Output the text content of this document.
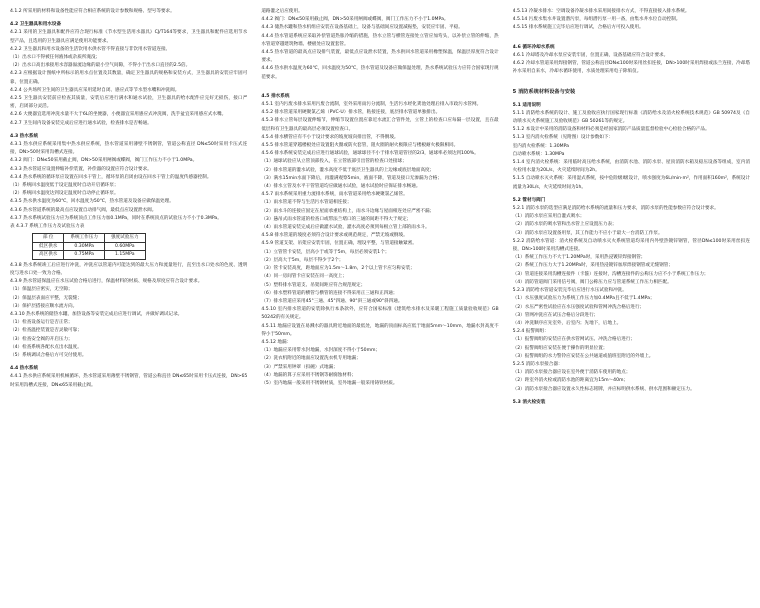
4.1.2 所采用的材料和设备性能应符合相应系统的设计参数和规格、型号等要求。

4.2 卫生器具和用水设备

4.2.1 采用的卫生器具和配件应符合现行标准《节水型生活用水器具》CJ/T164等要求，卫生器具和配件应选用节水型产品，且选用的卫生器具应满足使用功能要求。

4.2.2 卫生器具和用水设备的生活饮用水供水管不得直接与非饮用水管道连接。

（1）出水口不得被任何液体或杂质所淹没；

（2）出水口高出承接用水容器溢流边缘的最小空气间隙，不得小于出水口直径的2.5倍。

4.2.3 应根据设计图纸中所标示的用水点位置及其数量，确定卫生器具的规格和安装方式，卫生器具的安装应牢固可靠，位置正确。

4.2.4 公共场所卫生间的卫生器具应采用延时自闭、感应式等节水型水嘴和冲洗阀。

4.2.5 卫生器具安装前应检查其质量，安装后应进行满水和通水试验，卫生器具的给水配件应完好无损伤，接口严密，启闭部分灵活。

4.2.6 大便器宜选用冲洗水量不大于6L的坐便器，小便器宜采用感应式冲洗阀，洗手盆宜采用感应式水嘴。

4.2.7 卫生间内设备安装完成后应进行通水试验，检查排水是否畅通。

4.3 热水系统

4.3.1 热水供应系统采用集中热水供应系统，热水管道采用薄壁不锈钢管，管道公称直径 DN≤50时采用卡压式连接，DN>50时采用沟槽式连接。

4.3.2 阀门：DN≤50采用截止阀，DN>50采用闸阀或蝶阀，阀门工作压力不小于1.0MPa。

4.3.3 热水管道应设置伸缩补偿装置，补偿器的设置应符合设计要求。

4.3.4 热水系统的循环泵应设置在回水干管上，循环泵的启闭由设在回水干管上的温度传感器控制。

（1）系统回水温度低于设定温度时自动开启循环泵；

（2）系统回水温度达到设定温度时自动停止循环泵。

4.3.5 热水供水温度为60℃，回水温度为50℃，热水管道及设备应做保温处理。

4.3.6 热水管道系统的最高点应设置自动排气阀，最低点应设置泄水阀。

4.3.7 热水系统试验压力应为系统顶点工作压力加0.1MPa，同时在系统顶点的试验压力不小于0.3MPa。

表 4.3.7 系统工作压力及试验压力表

部 位	系统工作压力	强度试验压力
低区供水	0.30MPa	0.60MPa
高区供水	0.75MPa	1.15MPa

4.3.8 热水系统竣工后应进行冲洗，冲洗应以管道内可能达到的最大压力和流量进行，直至出水口处水的色度、透明度与进水口处一致为合格。

4.3.9 热水管道保温应在水压试验合格后进行，保温材料的材质、规格及厚度应符合设计要求。

（1）保温层应密实，无空隙；

（2）保温层表面应平整，无裂缝；

（3）保护层搭接应顺水流方向。

4.3.10 热水系统的储热水罐、加热设备等安装完成后应进行调试，并做好调试记录。

（1）检查设备运行是否正常；

（2）检查温控装置是否灵敏可靠；

（3）检查安全阀的开启压力；

（4）检查系统各配水点出水温度。

（5）系统调试合格后方可交付使用。

4.4 热水系统

4.4.1 热水供应系统采用机械循环，热水管道采用薄壁不锈钢管，管道公称直径 DN≤65时采用卡压式连接，DN>65时采用沟槽式连接，DN≤65采用截止阀。

道路灌之后应使用。

4.4.2 阀门：DN≤50采用截止阀，DN>50采用闸阀或蝶阀，阀门工作压力不小于1.0MPa。

4.4.3 储热水罐和热水机组应安装在设备基础上，设备与基础间应设置减振垫，安装应牢固、平稳。

4.4.4 热水管道系统应采取补偿管道热胀冷缩的措施，热水立管与横管连接处立管应加弯头，以补偿立管的伸缩，热水管道穿越建筑物墙、楼板处应设置套管。

4.4.5 热水管道的最高点应设排气装置，最低点应设泄水装置，热水供回水管道采用橡塑保温，保温层厚度符合设计要求。

4.4.6 热水供水温度为60℃，回水温度为50℃，热水管道及设备应做保温处理，热水系统试验压力应符合国家现行规范要求。

4.5 排水系统

4.5.1 室内污废水排水采用污废合流制，室外采用雨污分流制，生活污水经化粪池处理后排入市政污水管网。

4.5.2 排水管道采用硬聚氯乙烯（PVC-U）排水管，粘接连接，底层排水管道单独排出。

4.5.3 排水立管每层设置伸缩节，伸缩节设置位置应靠近水流汇合管件处，立管上的检查口应每隔一层设置，且在最低层和有卫生器具的最高层必须设置检查口。

4.5.4 排水横管应有不小于设计要求的坡度坡向排出管，不得倒坡。

4.5.5 排水管道穿越楼板处应设置阻火圈或防火套管，阻火圈的耐火极限应与楼板耐火极限相同。

4.5.6 排水系统安装完成后应进行通球试验，通球球径不小于排水管道管径的2/3，通球率必须达到100%。

（1）通球试验应从立管顶部投入，在立管底部引出管的检查口处接球；

（2）排水管道的灌水试验，灌水高度不低于底层卫生器具的上边缘或底层地面高度；

（3）满水15min水面下降后，再灌满观察5min，液面不降，管道及接口无渗漏为合格；

（4）排水立管及水平干管管道均应做通水试验，通水试验时应保证排水畅通。

4.5.7 雨水系统采用重力流排水系统，雨水管道采用给水硬聚氯乙烯管。

（1）雨水管道不得与生活污水管道相连接；

（2）雨水斗的连接应固定在屋面承重结构上，雨水斗边缘与屋面相连处应严密不漏；

（3）悬吊式雨水管道的检查口或带法兰堵口的三通的间距不得大于规定；

（4）雨水管道安装完成后应做灌水试验，灌水高度必须到每根立管上部的雨水斗。

4.5.8 排水管道的坡度必须符合设计要求或规范规定，严禁无坡或倒坡。

4.5.9 管道支架、吊架应安装牢固，位置正确，埋设平整，与管道接触紧密。

（1）立管管卡安装，层高小于或等于5m，每层必须安装1个；

（2）层高大于5m，每层不得少于2个；

（3）管卡安装高度，距地面应为1.5m～1.8m，2个以上管卡应匀称安装；

（4）同一房间管卡应安装在同一高度上；

（5）塑料排水管道支、吊架间距应符合规范规定；

（6）排水塑料管道的横管与横管的连接不得采用正三通和正四通；

（7）排水管道应采用45°三通、45°四通、90°斜三通或90°斜四通。

4.5.10 室内排水管道的安装除执行本条款外，应符合国家标准《建筑给水排水及采暖工程施工质量验收规范》GB 50242的有关规定。

4.5.11 地漏应设置在易溅水的器具附近地面的最低处，地漏的顶面标高应低于地面5mm～10mm，地漏水封高度不得小于50mm。

4.5.12 地漏：

（1）地漏应采用带水封地漏，水封深度不得小于50mm；

（2）洗衣机附近的地面应设置洗衣机专用地漏；

（3）严禁采用钟罩（扣碗）式地漏；

（4）地漏的算子应采用不锈钢等耐腐蚀材料；

（5）室内地漏一般采用不锈钢材质，室外地漏一般采用铸铁材质。

4.5.13 冷凝水排水：空调设备冷凝水排水采用间接排水方式，不得直接接入排水系统。

4.5.14 污废水集水井设置潜污泵，每组潜污泵一用一备，由集水井水位自动控制。

4.5.15 排水系统施工完毕后应进行调试，合格后方可投入使用。

4.6 循环冷却水系统

4.6.1 冷却塔及冷却水泵应安装牢固，位置正确，设备基础应符合设计要求。

4.6.2 冷却水管道采用焊接钢管，管道公称直径DN≤100时采用丝扣连接，DN>100时采用焊接或法兰连接，冷却塔补水采用自来水，冷却水循环使用，水质处理采用电子除垢仪。

5 消防系统材料设备与安装

5.1 适用说明

5.1.1 消防给水系统的设计、施工及验收应执行国家现行标准《消防给水及消火栓系统技术规范》GB 50974及《自动喷水灭火系统施工及验收规范》GB 50261等的规定。

5.1.2 本设计中采用的消防设备和材料必须是经国家消防产品质量监督检验中心检验合格的产品。

5.1.3 室内消火栓系统（见附图）设计参数如下：

室内消火栓系统：1.30MPa

自动喷水系统：1.30MPa

5.1.4 室内消火栓系统：采用临时高压给水系统，由消防水池、消防水泵、屋顶消防水箱及稳压设备等组成，室内消火栓用水量为20L/s，火灾延续时间为2h。

5.1.5 自动喷水灭火系统：采用湿式系统，按中危险级Ⅰ级设计，喷水强度为6L/min·m²，作用面积160m²，系统设计流量为30L/s，火灾延续时间为1h。

5.2 管材与阀门

5.2.1 消防水泵的选型应满足消防给水系统的流量和压力要求，消防水泵的性能参数应符合设计要求。

（1）消防水泵应采用自灌式吸水；

（2）消防水泵的吸水管和出水管上应设置压力表；

（3）消防水泵应设置备用泵，其工作能力不应小于最大一台消防工作泵。

5.2.2 消防给水管道：消火栓系统及自动喷水灭火系统管道均采用内外壁热镀锌钢管，管径DN≤100时采用丝扣连接，DN>100时采用沟槽式连接。

（1）系统工作压力不大于1.20MPa时，采用热浸镀锌焊接钢管；

（2）系统工作压力大于1.20MPa时，采用热浸镀锌加厚焊接钢管或无缝钢管；

（3）管道连接采用沟槽连接件（卡箍）连接时，沟槽连接件的公称压力应不小于系统工作压力；

（4）消防管道阀门采用信号阀，阀门公称压力应与管道系统工作压力相匹配。

5.2.3 消防给水管道安装完毕后应进行水压试验和冲洗。

（1）水压强度试验压力为系统工作压力加0.4MPa且不低于1.4MPa；

（2）水压严密性试验应在水压强度试验和管网冲洗合格后进行；

（3）管网冲洗应在试压合格后分段进行；

（4）冲洗顺序应先室外，后室内；先地下，后地上。

5.2.4 报警阀组：

（1）报警阀组的安装应在供水管网试压、冲洗合格后进行；

（2）报警阀组应安装在便于操作的明显位置；

（3）报警阀组的水力警铃应安装在公共通道或值班室附近的外墙上。

5.2.5 消防水泵接合器：

（1）消防水泵接合器应设在室外便于消防车使用的地点；

（2）距室外消火栓或消防水池的距离宜为15m～40m；

（3）消防水泵接合器应设置永久性标志铭牌，并应标明供水系统、供水范围和额定压力。

5.3 消火栓安装
